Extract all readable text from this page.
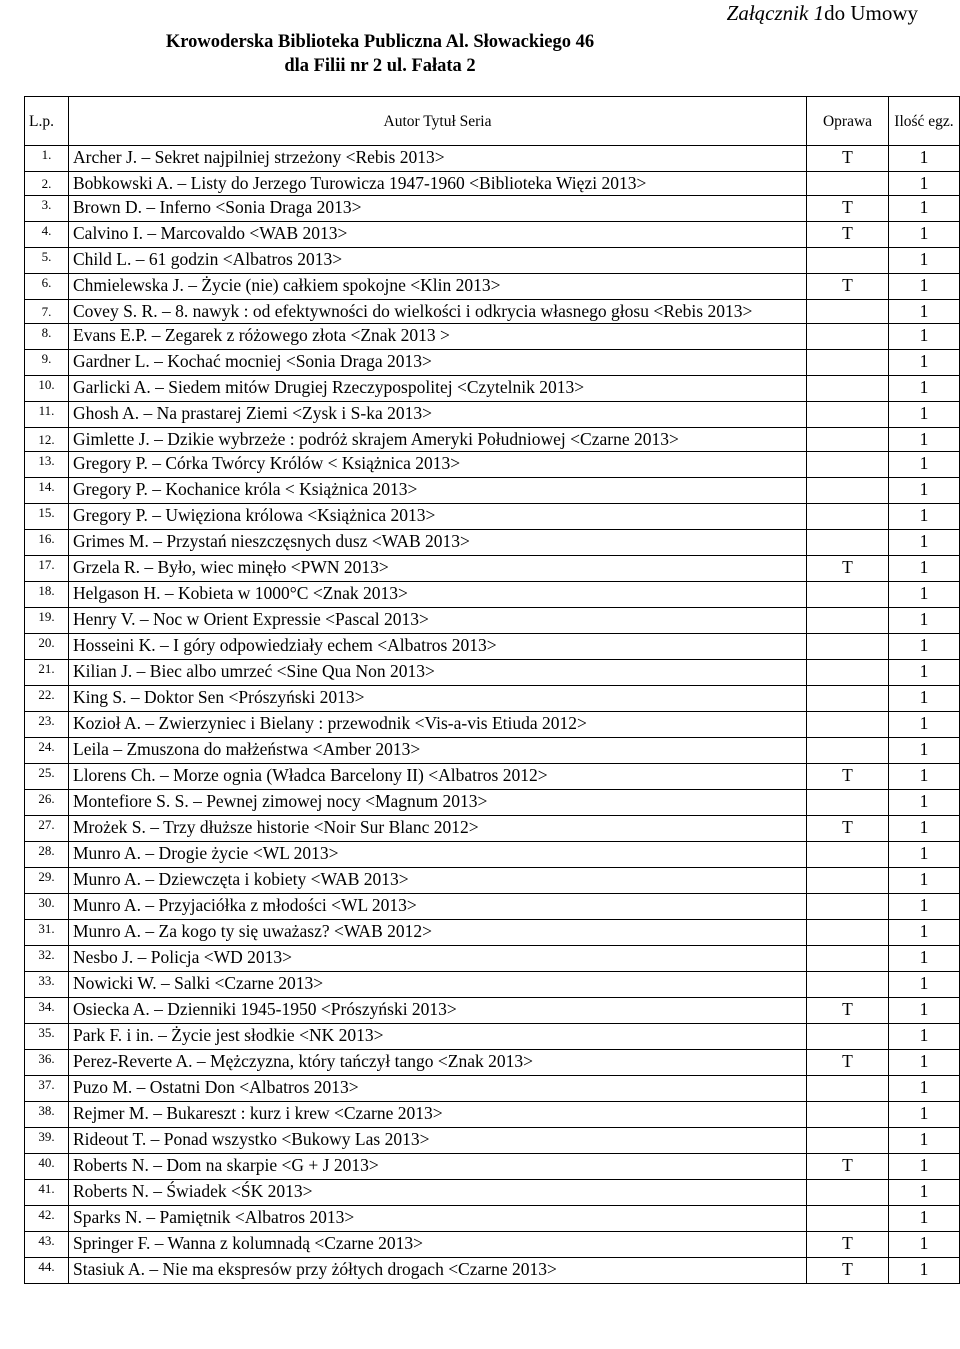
Załącznik 1do Umowy
Krowoderska Biblioteka Publiczna Al. Słowackiego 46
dla Filii nr 2 ul. Fałata 2
L.p.	Autor Tytuł Seria	Oprawa	Ilość egz.
1.	Archer J. – Sekret najpilniej strzeżony <Rebis 2013>	T	1
2.	Bobkowski A. – Listy do Jerzego Turowicza 1947-1960 <Biblioteka Więzi 2013>		1
3.	Brown D. – Inferno <Sonia Draga 2013>	T	1
4.	Calvino I. – Marcovaldo <WAB 2013>	T	1
5.	Child L. – 61 godzin <Albatros 2013>		1
6.	Chmielewska J. – Życie (nie) całkiem spokojne <Klin 2013>	T	1
7.	Covey S. R. – 8. nawyk : od efektywności do wielkości i odkrycia własnego głosu <Rebis 2013>		1
8.	Evans E.P. – Zegarek z różowego złota <Znak 2013 >		1
9.	Gardner L. – Kochać mocniej <Sonia Draga 2013>		1
10.	Garlicki A. – Siedem mitów Drugiej Rzeczypospolitej <Czytelnik 2013>		1
11.	Ghosh A. – Na prastarej Ziemi <Zysk i S-ka 2013>		1
12.	Gimlette J. – Dzikie wybrzeże : podróż skrajem Ameryki Południowej <Czarne 2013>		1
13.	Gregory P. – Córka Twórcy Królów < Książnica 2013>		1
14.	Gregory P. – Kochanice króla < Książnica 2013>		1
15.	Gregory P. – Uwięziona królowa <Książnica 2013>		1
16.	Grimes M. – Przystań nieszczęsnych dusz <WAB 2013>		1
17.	Grzela R. – Było, wiec minęło <PWN 2013>	T	1
18.	Helgason H. – Kobieta w 1000°C <Znak 2013>		1
19.	Henry V. – Noc w Orient Expressie <Pascal 2013>		1
20.	Hosseini K. – I góry odpowiedziały echem <Albatros 2013>		1
21.	Kilian J. – Biec albo umrzeć <Sine Qua Non 2013>		1
22.	King S. – Doktor Sen <Prószyński 2013>		1
23.	Kozioł A. – Zwierzyniec i Bielany : przewodnik <Vis-a-vis Etiuda 2012>		1
24.	Leila – Zmuszona do małżeństwa <Amber 2013>		1
25.	Llorens Ch. – Morze ognia (Władca Barcelony II) <Albatros 2012>	T	1
26.	Montefiore S. S. – Pewnej zimowej nocy <Magnum 2013>		1
27.	Mrożek S. – Trzy dłuższe historie <Noir Sur Blanc 2012>	T	1
28.	Munro A. – Drogie życie <WL 2013>		1
29.	Munro A. – Dziewczęta i kobiety <WAB 2013>		1
30.	Munro A. – Przyjaciółka z młodości <WL 2013>		1
31.	Munro A. – Za kogo ty się uważasz? <WAB 2012>		1
32.	Nesbo J. – Policja <WD 2013>		1
33.	Nowicki W. – Salki <Czarne 2013>		1
34.	Osiecka A. – Dzienniki 1945-1950 <Prószyński 2013>	T	1
35.	Park F. i in. – Życie jest słodkie <NK 2013>		1
36.	Perez-Reverte A. – Mężczyzna, który tańczył tango <Znak 2013>	T	1
37.	Puzo M. – Ostatni Don <Albatros 2013>		1
38.	Rejmer M. – Bukareszt : kurz i krew <Czarne 2013>		1
39.	Rideout T. – Ponad wszystko <Bukowy Las 2013>		1
40.	Roberts N. – Dom na skarpie <G + J 2013>	T	1
41.	Roberts N. – Świadek <ŚK 2013>		1
42.	Sparks N. – Pamiętnik <Albatros 2013>		1
43.	Springer F. – Wanna z kolumnadą <Czarne 2013>	T	1
44.	Stasiuk A. – Nie ma ekspresów przy żółtych drogach <Czarne 2013>	T	1
